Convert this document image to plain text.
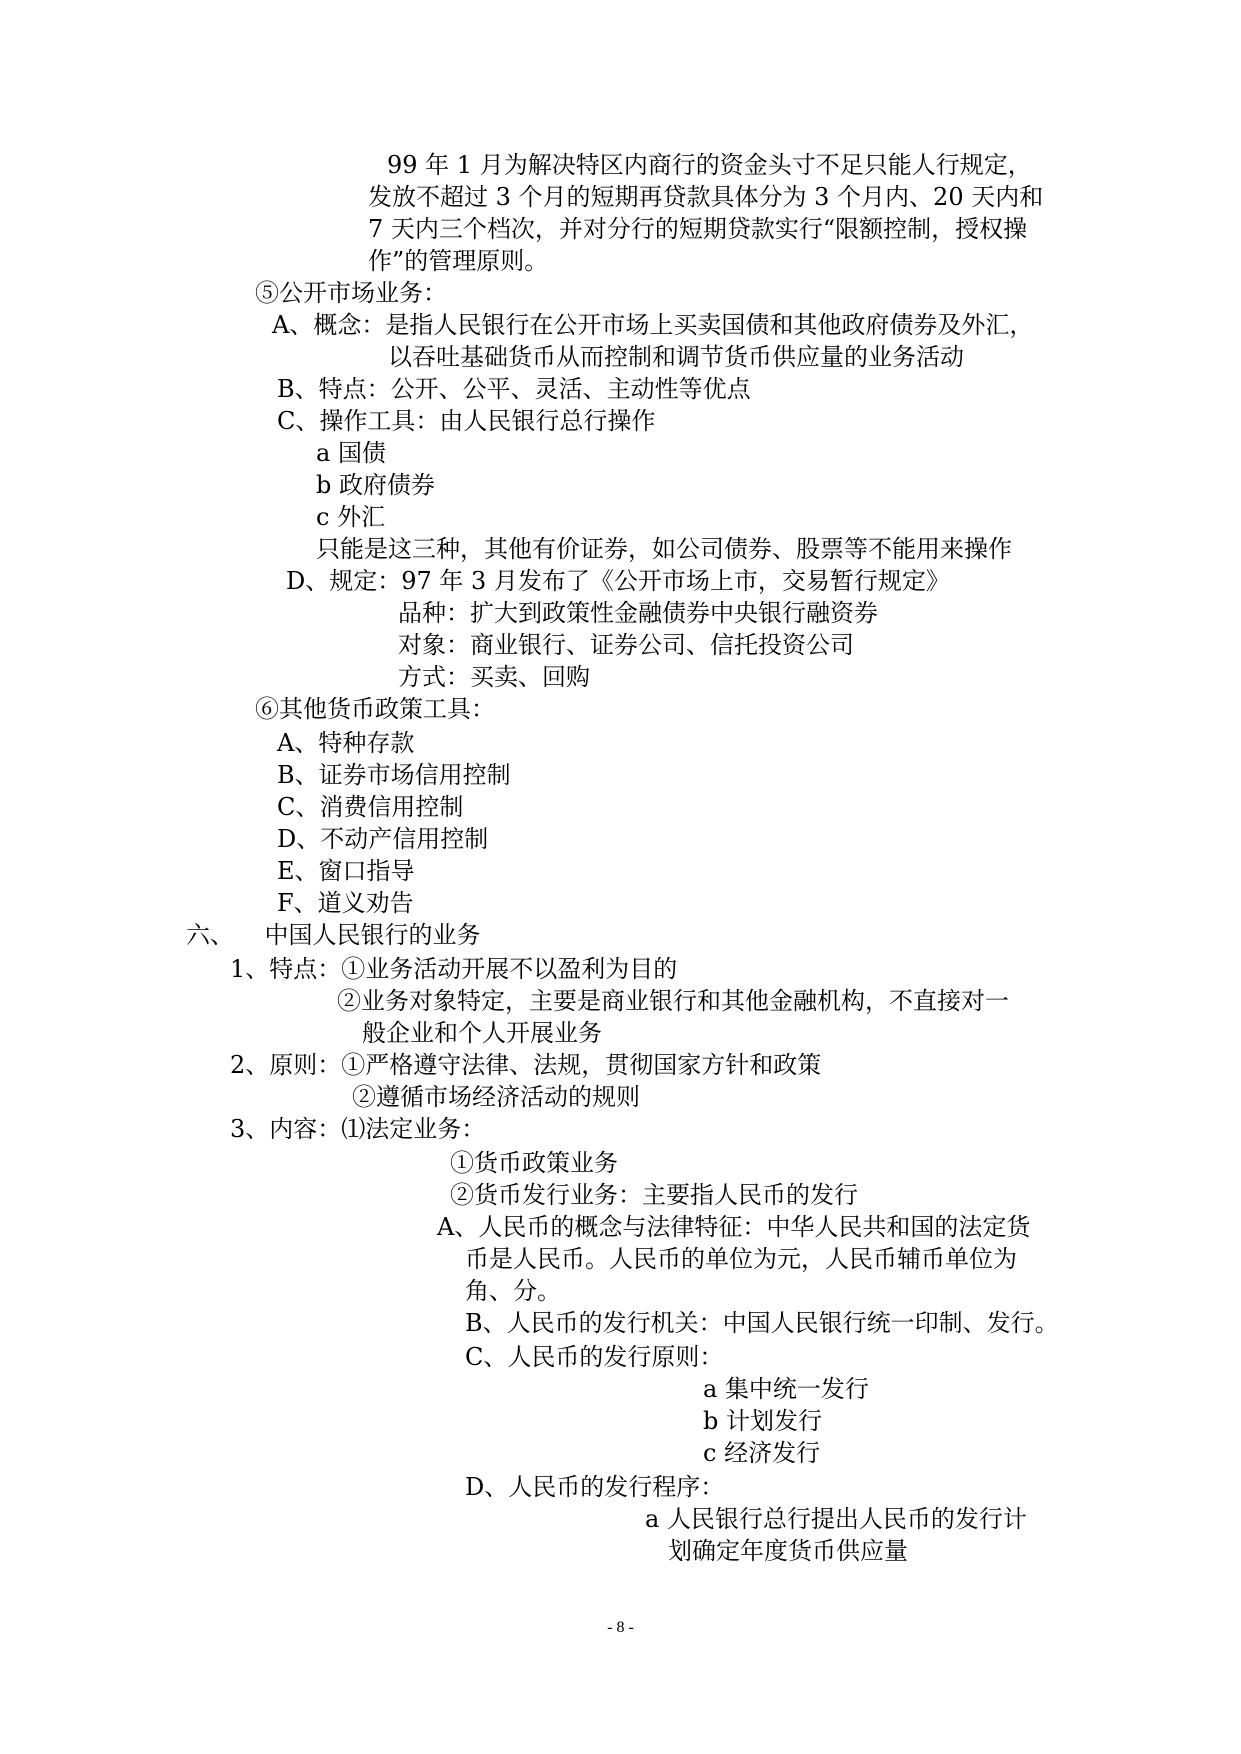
99 年 1 月为解决特区内商行的资金头寸不足只能人行规定，
发放不超过 3 个月的短期再贷款具体分为 3 个月内、20 天内和
7 天内三个档次，并对分行的短期贷款实行“限额控制，授权操
作”的管理原则。
⑤公开市场业务：
A、概念：是指人民银行在公开市场上买卖国债和其他政府债券及外汇，
以吞吐基础货币从而控制和调节货币供应量的业务活动
B、特点：公开、公平、灵活、主动性等优点
C、操作工具：由人民银行总行操作
a 国债
b 政府债券
c 外汇
只能是这三种，其他有价证券，如公司债券、股票等不能用来操作
D、规定：97 年 3 月发布了《公开市场上市，交易暂行规定》
品种：扩大到政策性金融债券中央银行融资券
对象：商业银行、证券公司、信托投资公司
方式：买卖、回购
⑥其他货币政策工具：
A、特种存款
B、证券市场信用控制
C、消费信用控制
D、不动产信用控制
E、窗口指导
F、道义劝告
六、    中国人民银行的业务
1、特点：①业务活动开展不以盈利为目的
②业务对象特定，主要是商业银行和其他金融机构，不直接对一
般企业和个人开展业务
2、原则：①严格遵守法律、法规，贯彻国家方针和政策
②遵循市场经济活动的规则
3、内容：⑴法定业务：
①货币政策业务
②货币发行业务：主要指人民币的发行
A、人民币的概念与法律特征：中华人民共和国的法定货
币是人民币。人民币的单位为元，人民币辅币单位为
角、分。
B、人民币的发行机关：中国人民银行统一印制、发行。
C、人民币的发行原则：
a 集中统一发行
b 计划发行
c 经济发行
D、人民币的发行程序：
a 人民银行总行提出人民币的发行计
划确定年度货币供应量
- 8 -
